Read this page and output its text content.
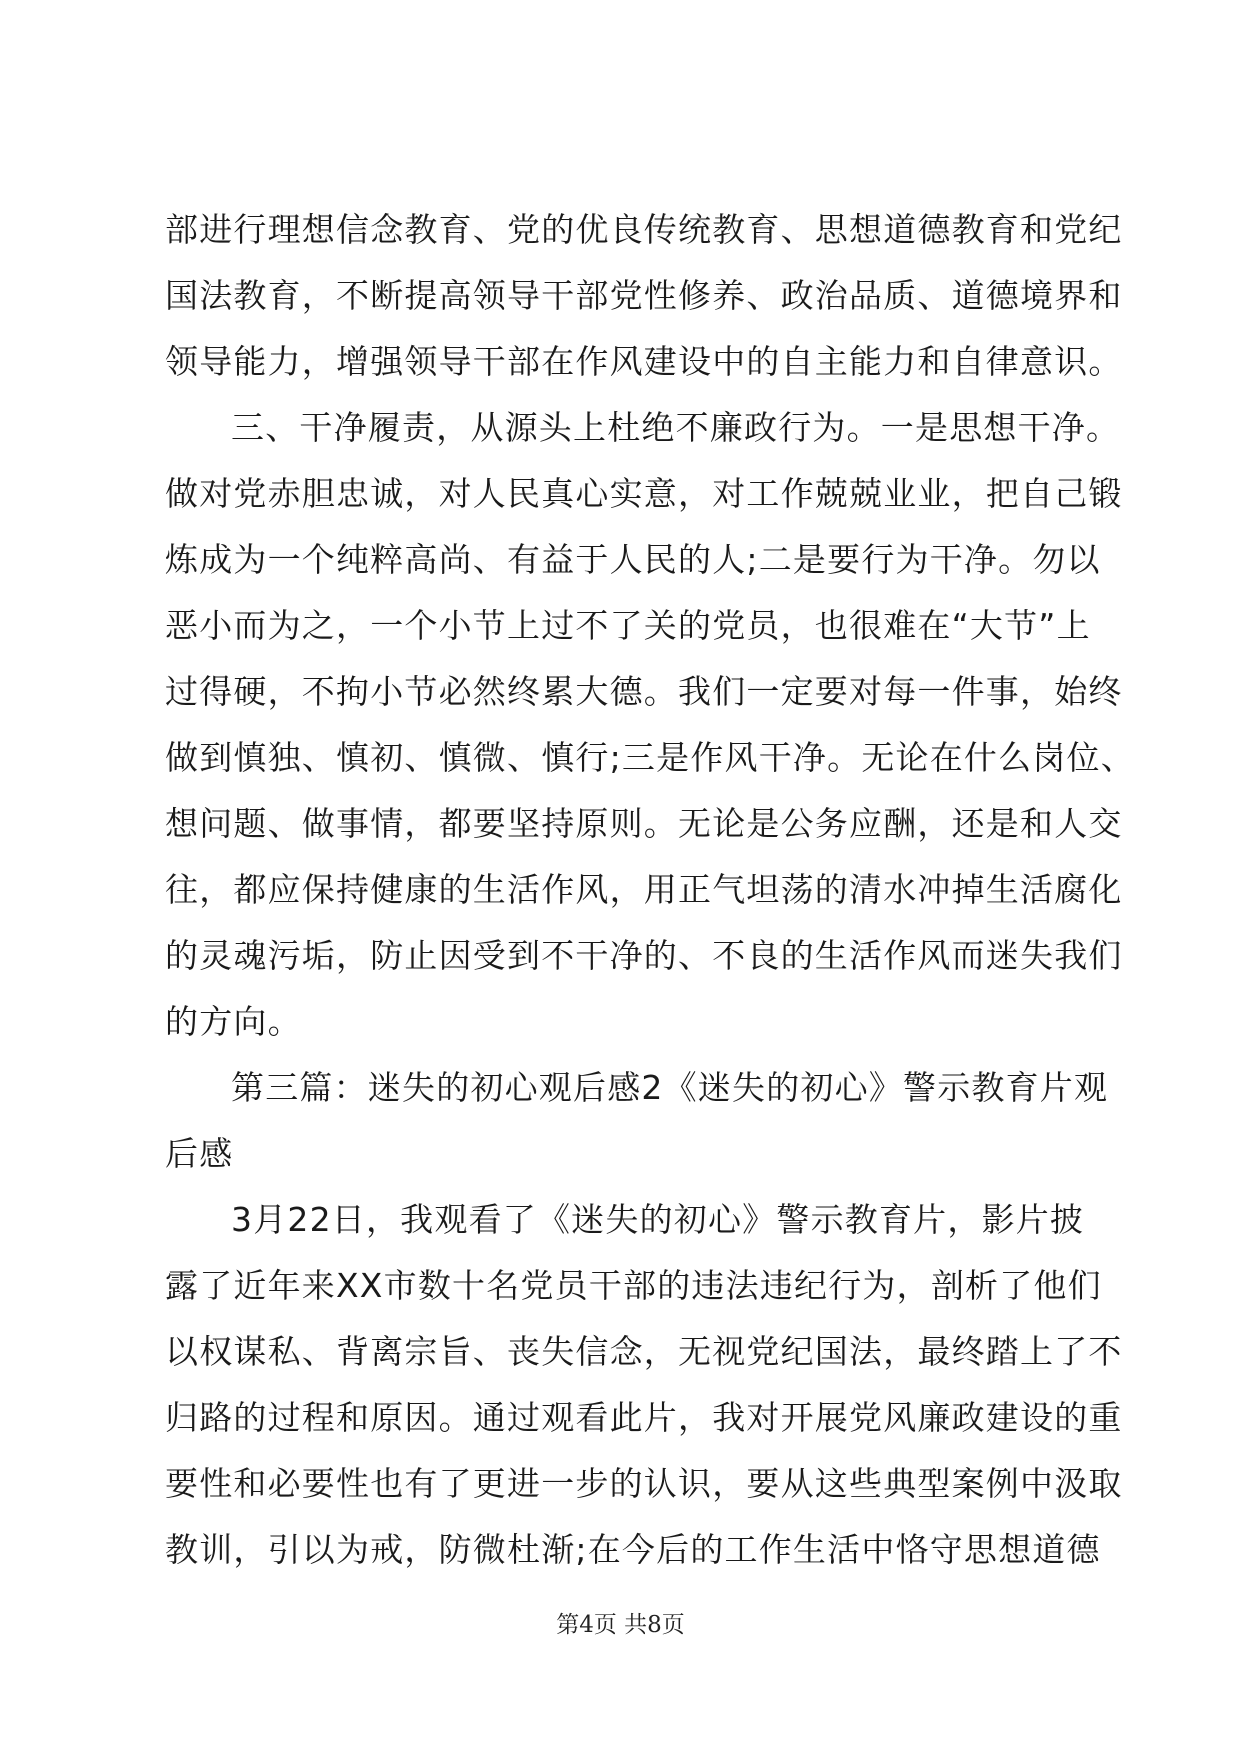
部进行理想信念教育、党的优良传统教育、思想道德教育和党纪
国法教育，不断提高领导干部党性修养、政治品质、道德境界和
领导能力，增强领导干部在作风建设中的自主能力和自律意识。
三、干净履责，从源头上杜绝不廉政行为。一是思想干净。
做对党赤胆忠诚，对人民真心实意，对工作兢兢业业，把自己锻
炼成为一个纯粹高尚、有益于人民的人;二是要行为干净。勿以
恶小而为之，一个小节上过不了关的党员，也很难在“大节”上
过得硬，不拘小节必然终累大德。我们一定要对每一件事，始终
做到慎独、慎初、慎微、慎行;三是作风干净。无论在什么岗位、
想问题、做事情，都要坚持原则。无论是公务应酬，还是和人交
往，都应保持健康的生活作风，用正气坦荡的清水冲掉生活腐化
的灵魂污垢，防止因受到不干净的、不良的生活作风而迷失我们
的方向。
第三篇：迷失的初心观后感2《迷失的初心》警示教育片观
后感
3月22日，我观看了《迷失的初心》警示教育片，影片披
露了近年来XX市数十名党员干部的违法违纪行为，剖析了他们
以权谋私、背离宗旨、丧失信念，无视党纪国法，最终踏上了不
归路的过程和原因。通过观看此片，我对开展党风廉政建设的重
要性和必要性也有了更进一步的认识，要从这些典型案例中汲取
教训，引以为戒，防微杜渐;在今后的工作生活中恪守思想道德
第4页 共8页
